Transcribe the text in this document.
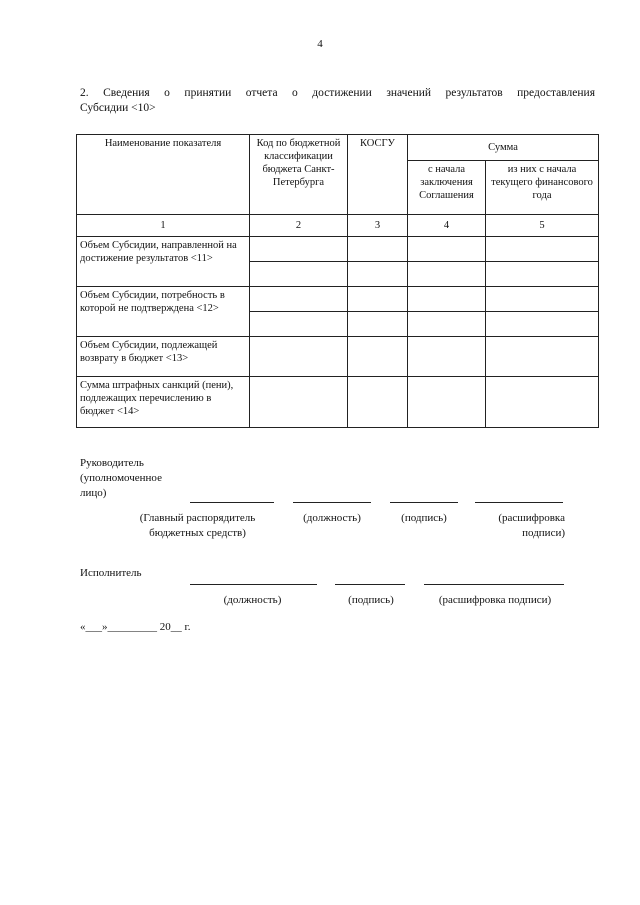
4
2. Сведения о принятии отчета о достижении значений результатов предоставления
Субсидии <10>
Наименование показателя	Код по бюджетной классификации бюджета Санкт-Петербурга	КОСГУ	Сумма	
			с начала заключения Соглашения	из них с начала текущего финансового года
1	2	3	4	5
Объем Субсидии, направленной на достижение результатов <11>				

Объем Субсидии, потребность в которой не подтверждена <12>				

Объем Субсидии, подлежащей возврату в бюджет <13>				
Сумма штрафных санкций (пени), подлежащих перечислению в бюджет <14>				
Руководитель
(уполномоченное
лицо)
(Главный распорядитель бюджетных средств)
(должность)	(подпись)	(расшифровка подписи)
Исполнитель
(должность)	(подпись)	(расшифровка подписи)
«___»_________ 20__ г.
